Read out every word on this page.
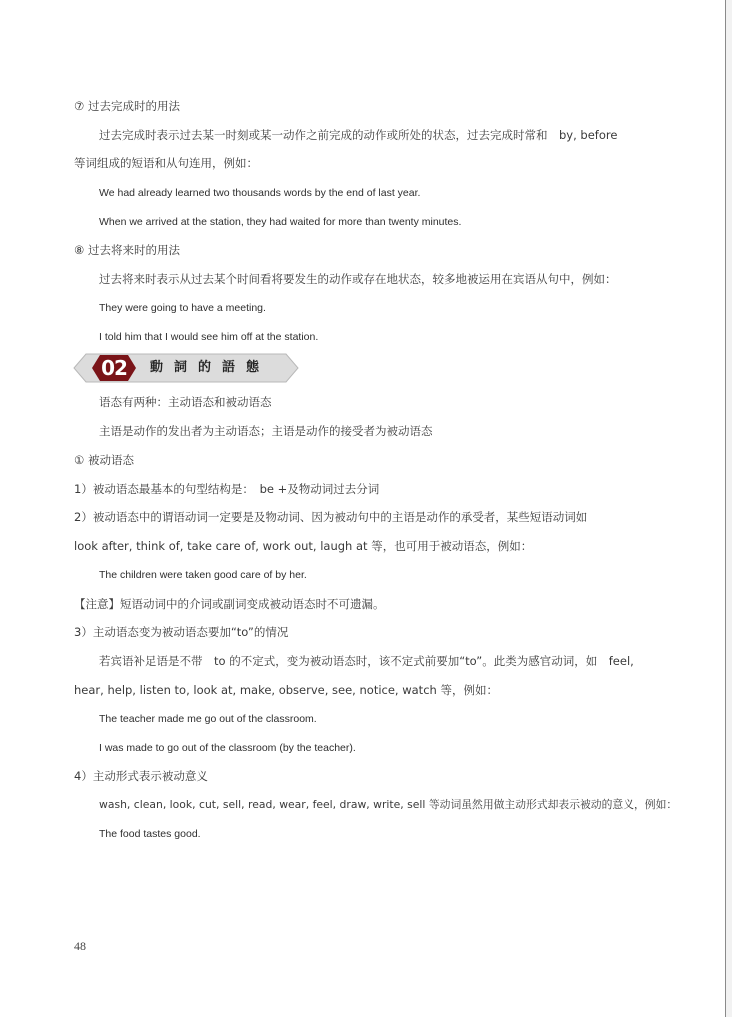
⑦ 过去完成时的用法
过去完成时表示过去某一时刻或某一动作之前完成的动作或所处的状态，过去完成时常和　by, before
等词组成的短语和从句连用，例如：
We had already learned two thousands words by the end of last year.
When we arrived at the station, they had waited for more than twenty minutes.
⑧ 过去将来时的用法
过去将来时表示从过去某个时间看将要发生的动作或存在地状态，较多地被运用在宾语从句中，例如：
They were going to have a meeting.
I told him that I would see him off at the station.
02	動詞的語態
语态有两种：主动语态和被动语态
主语是动作的发出者为主动语态；主语是动作的接受者为被动语态
① 被动语态
1）被动语态最基本的句型结构是：　be +及物动词过去分词
2）被动语态中的谓语动词一定要是及物动词、因为被动句中的主语是动作的承受者，某些短语动词如
look after, think of, take care of, work out, laugh at 等，也可用于被动语态，例如：
The children were taken good care of by her.
【注意】短语动词中的介词或副词变成被动语态时不可遗漏。
3）主动语态变为被动语态要加“to”的情况
若宾语补足语是不带　to 的不定式，变为被动语态时，该不定式前要加“to”。此类为感官动词，如　feel,
hear, help, listen to, look at, make, observe, see, notice, watch 等，例如：
The teacher made me go out of the classroom.
I was made to go out of the classroom (by the teacher).
4）主动形式表示被动意义
wash, clean, look, cut, sell, read, wear, feel, draw, write, sell 等动词虽然用做主动形式却表示被动的意义，例如：
The food tastes good.
48
